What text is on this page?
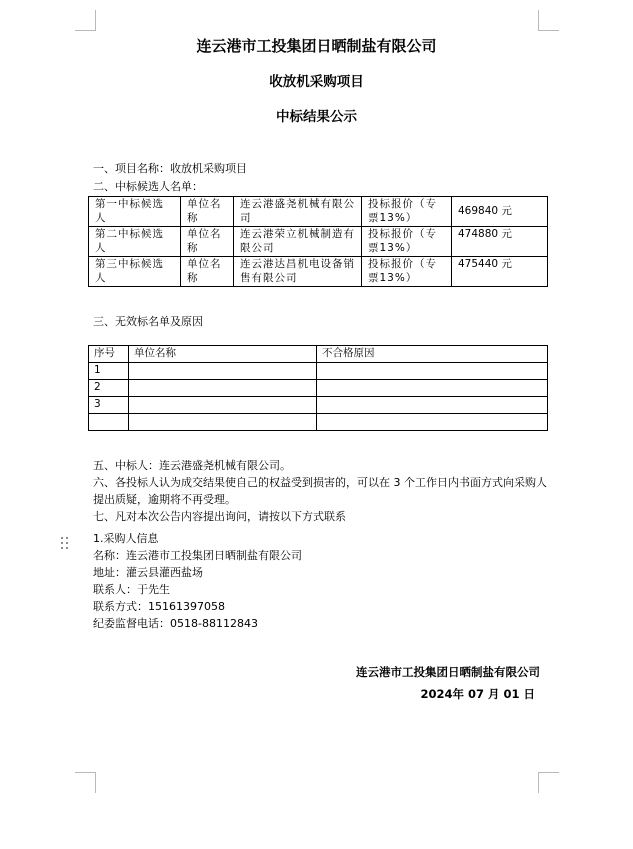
连云港市工投集团日晒制盐有限公司
收放机采购项目
中标结果公示
一、项目名称：收放机采购项目
二、中标候选人名单：
第一中标候选人	单位名称	连云港盛尧机械有限公司	投标报价（专票13%）	469840 元
第二中标候选人	单位名称	连云港荣立机械制造有限公司	投标报价（专票13%）	474880 元
第三中标候选人	单位名称	连云港达昌机电设备销售有限公司	投标报价（专票13%）	475440 元
三、无效标名单及原因
序号	单位名称	不合格原因
1		
2		
3		

五、中标人：连云港盛尧机械有限公司。

六、各投标人认为成交结果使自己的权益受到损害的，可以在 3 个工作日内书面方式向采购人提出质疑，逾期将不再受理。

七、凡对本次公告内容提出询问，请按以下方式联系

1.采购人信息

名称：连云港市工投集团日晒制盐有限公司

地址：灌云县灌西盐场

联系人：于先生

联系方式：15161397058

纪委监督电话：0518-88112843

连云港市工投集团日晒制盐有限公司
2024年 07 月 01 日
